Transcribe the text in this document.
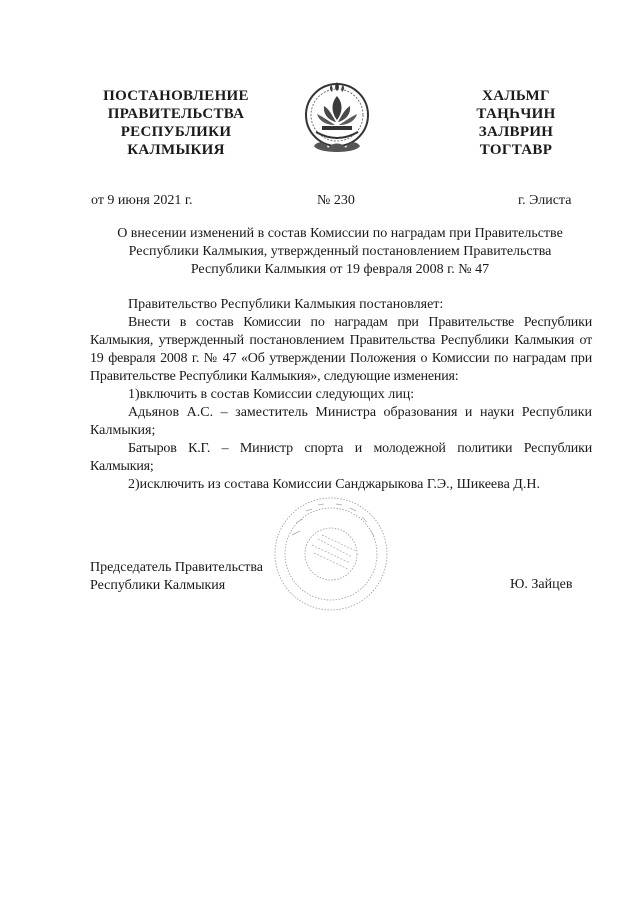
ПОСТАНОВЛЕНИЕ
ПРАВИТЕЛЬСТВА
РЕСПУБЛИКИ
КАЛМЫКИЯ
ХАЛЬМГ
ТАҢҺЧИН
ЗАЛВРИН
ТОГТАВР
от 9 июня 2021 г.	№ 230	г. Элиста
О внесении изменений в состав Комиссии по наградам при Правительстве
Республики Калмыкия, утвержденный постановлением Правительства
Республики Калмыкия от 19 февраля 2008 г. № 47

Правительство Республики Калмыкия постановляет:

Внести в состав Комиссии по наградам при Правительстве Республики Калмыкия, утвержденный постановлением Правительства Республики Калмыкия от 19 февраля 2008 г. № 47 «Об утверждении Положения о Комиссии по наградам при Правительстве Республики Калмыкия», следующие изменения:

1)включить в состав Комиссии следующих лиц:

Адьянов А.С. – заместитель Министра образования и науки Республики Калмыкия;

Батыров К.Г. – Министр спорта и молодежной политики Республики Калмыкия;

2)исключить из состава Комиссии Санджарыкова Г.Э., Шикеева Д.Н.

Председатель Правительства
Республики Калмыкия	Ю. Зайцев
